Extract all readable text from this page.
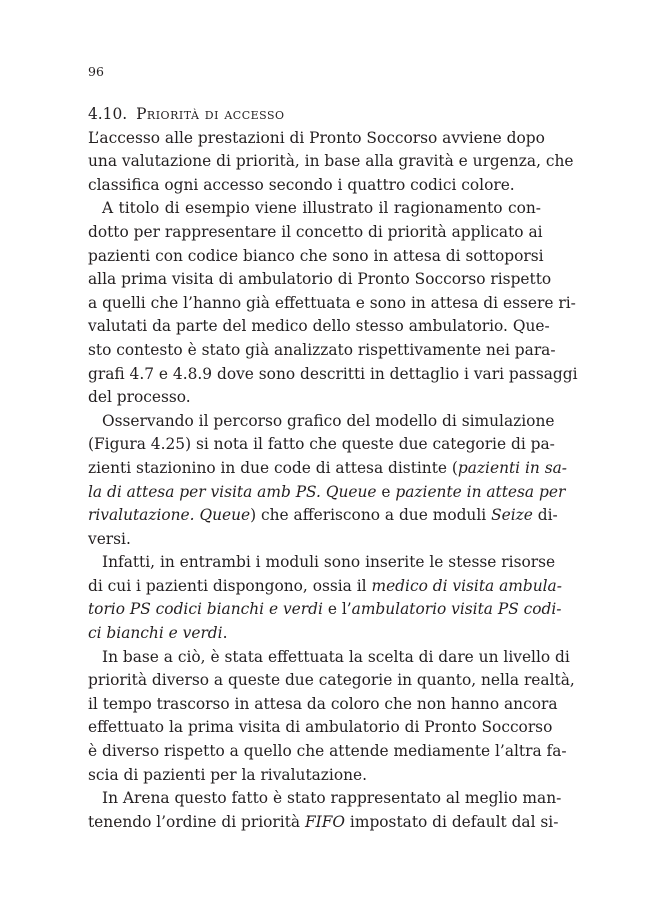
96
4.10. Priorità di accesso
L’accesso alle prestazioni di Pronto Soccorso avviene dopo
una valutazione di priorità, in base alla gravità e urgenza, che
classifica ogni accesso secondo i quattro codici colore.
A titolo di esempio viene illustrato il ragionamento con-
dotto per rappresentare il concetto di priorità applicato ai
pazienti con codice bianco che sono in attesa di sottoporsi
alla prima visita di ambulatorio di Pronto Soccorso rispetto
a quelli che l’hanno già effettuata e sono in attesa di essere ri-
valutati da parte del medico dello stesso ambulatorio. Que-
sto contesto è stato già analizzato rispettivamente nei para-
grafi 4.7 e 4.8.9 dove sono descritti in dettaglio i vari passaggi
del processo.
Osservando il percorso grafico del modello di simulazione
(Figura 4.25) si nota il fatto che queste due categorie di pa-
zienti stazionino in due code di attesa distinte (pazienti in sa-
la di attesa per visita amb PS. Queue e paziente in attesa per
rivalutazione. Queue) che afferiscono a due moduli Seize di-
versi.
Infatti, in entrambi i moduli sono inserite le stesse risorse
di cui i pazienti dispongono, ossia il medico di visita ambula-
torio PS codici bianchi e verdi e l’ambulatorio visita PS codi-
ci bianchi e verdi.
In base a ciò, è stata effettuata la scelta di dare un livello di
priorità diverso a queste due categorie in quanto, nella realtà,
il tempo trascorso in attesa da coloro che non hanno ancora
effettuato la prima visita di ambulatorio di Pronto Soccorso
è diverso rispetto a quello che attende mediamente l’altra fa-
scia di pazienti per la rivalutazione.
In Arena questo fatto è stato rappresentato al meglio man-
tenendo l’ordine di priorità FIFO impostato di default dal si-
